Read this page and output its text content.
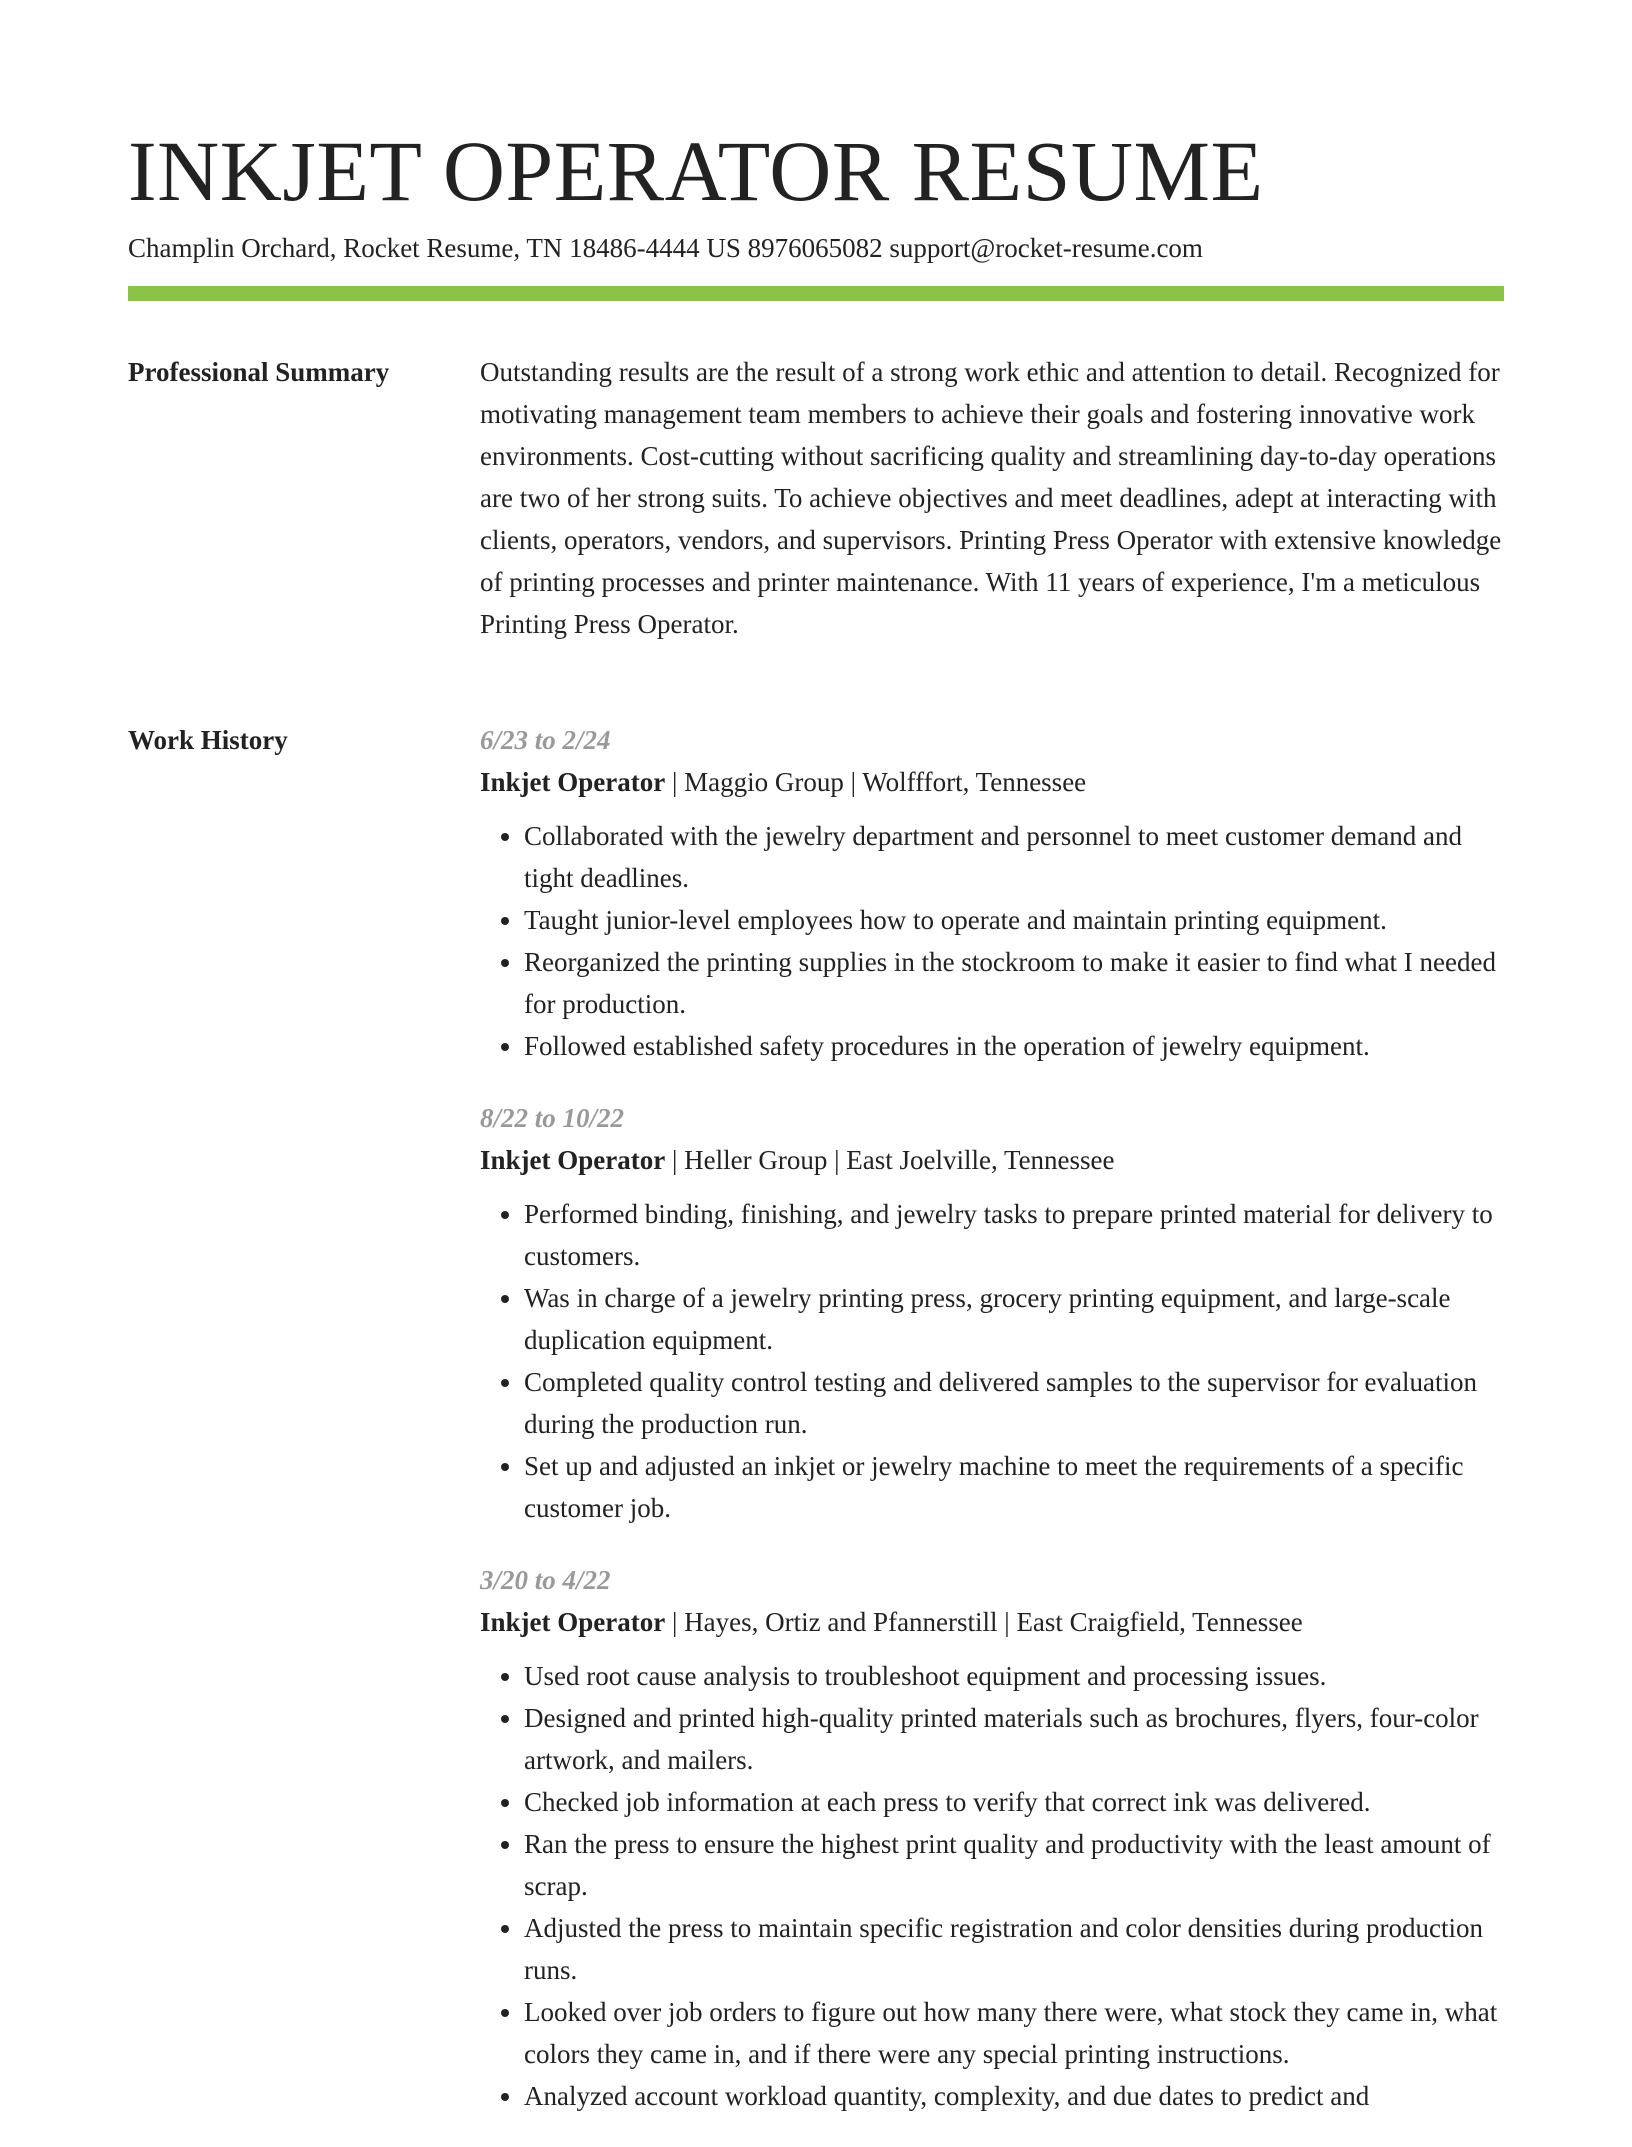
INKJET OPERATOR RESUME
Champlin Orchard, Rocket Resume, TN 18486-4444 US 8976065082 support@rocket-resume.com
Professional Summary	Outstanding results are the result of a strong work ethic and attention to detail. Recognized for motivating management team members to achieve their goals and fostering innovative work environments. Cost-cutting without sacrificing quality and streamlining day-to-day operations are two of her strong suits. To achieve objectives and meet deadlines, adept at interacting with clients, operators, vendors, and supervisors. Printing Press Operator with extensive knowledge of printing processes and printer maintenance. With 11 years of experience, I'm a meticulous Printing Press Operator.

Work History	6/23 to 2/24
Inkjet Operator | Maggio Group | Wolfffort, Tennessee
• Collaborated with the jewelry department and personnel to meet customer demand and tight deadlines.
• Taught junior-level employees how to operate and maintain printing equipment.
• Reorganized the printing supplies in the stockroom to make it easier to find what I needed for production.
• Followed established safety procedures in the operation of jewelry equipment.
8/22 to 10/22
Inkjet Operator | Heller Group | East Joelville, Tennessee
• Performed binding, finishing, and jewelry tasks to prepare printed material for delivery to customers.
• Was in charge of a jewelry printing press, grocery printing equipment, and large-scale duplication equipment.
• Completed quality control testing and delivered samples to the supervisor for evaluation during the production run.
• Set up and adjusted an inkjet or jewelry machine to meet the requirements of a specific customer job.
3/20 to 4/22
Inkjet Operator | Hayes, Ortiz and Pfannerstill | East Craigfield, Tennessee
• Used root cause analysis to troubleshoot equipment and processing issues.
• Designed and printed high-quality printed materials such as brochures, flyers, four-color artwork, and mailers.
• Checked job information at each press to verify that correct ink was delivered.
• Ran the press to ensure the highest print quality and productivity with the least amount of scrap.
• Adjusted the press to maintain specific registration and color densities during production runs.
• Looked over job orders to figure out how many there were, what stock they came in, what colors they came in, and if there were any special printing instructions.
• Analyzed account workload quantity, complexity, and due dates to predict and
